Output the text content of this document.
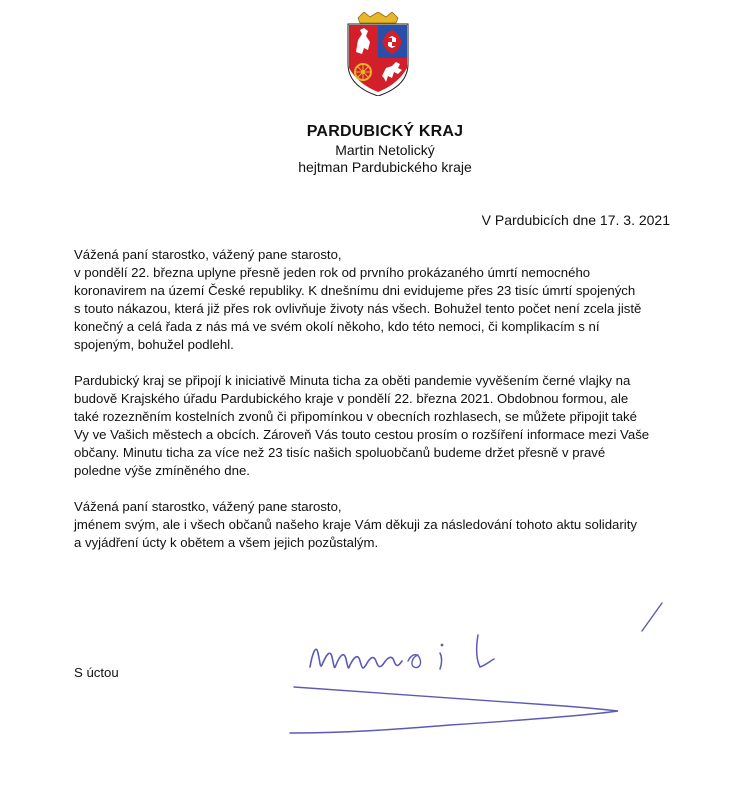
PARDUBICKÝ KRAJ
Martin Netolický
hejtman Pardubického kraje
V Pardubicích dne 17. 3. 2021

Vážená paní starostko, vážený pane starosto,

v pondělí 22. března uplyne přesně jeden rok od prvního prokázaného úmrtí nemocného

koronavirem na území České republiky. K dnešnímu dni evidujeme přes 23 tisíc úmrtí spojených

s touto nákazou, která již přes rok ovlivňuje životy nás všech. Bohužel tento počet není zcela jistě

konečný a celá řada z nás má ve svém okolí někoho, kdo této nemoci, či komplikacím s ní

spojeným, bohužel podlehl.

Pardubický kraj se připojí k iniciativě Minuta ticha za oběti pandemie vyvěšením černé vlajky na

budově Krajského úřadu Pardubického kraje v pondělí 22. března 2021. Obdobnou formou, ale

také rozezněním kostelních zvonů či připomínkou v obecních rozhlasech, se můžete připojit také

Vy ve Vašich městech a obcích. Zároveň Vás touto cestou prosím o rozšíření informace mezi Vaše

občany. Minutu ticha za více než 23 tisíc našich spoluobčanů budeme držet přesně v pravé

poledne výše zmíněného dne.

Vážená paní starostko, vážený pane starosto,

jménem svým, ale i všech občanů našeho kraje Vám děkuji za následování tohoto aktu solidarity

a vyjádření úcty k obětem a všem jejich pozůstalým.

S úctou
